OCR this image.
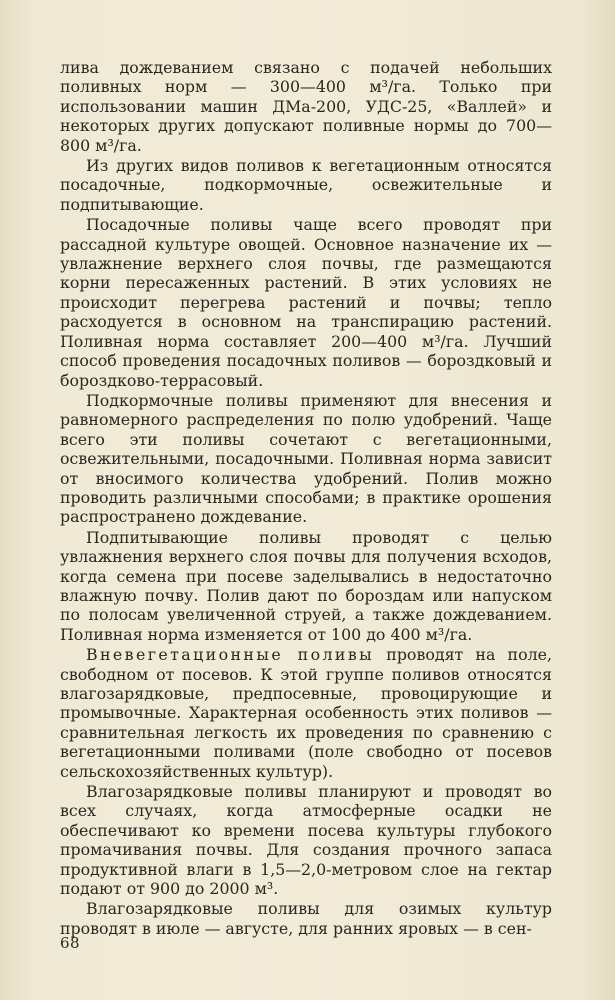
лива дождеванием связано с подачей небольших поливных норм — 300—400 м³/га. Только при использовании машин ДМа-200, УДС-25, «Валлей» и некоторых других допускают поливные нормы до 700—800 м³/га.

Из других видов поливов к вегетационным относятся посадочные, подкормочные, освежительные и подпитывающие.

Посадочные поливы чаще всего проводят при рассадной культуре овощей. Основное назначение их — увлажнение верхнего слоя почвы, где размещаются корни пересаженных растений. В этих условиях не происходит перегрева растений и почвы; тепло расходуется в основном на транспирацию растений. Поливная норма составляет 200—400 м³/га. Лучший способ проведения посадочных поливов — бороздковый и бороздково-террасовый.

Подкормочные поливы применяют для внесения и равномерного распределения по полю удобрений. Чаще всего эти поливы сочетают с вегетационными, освежительными, посадочными. Поливная норма зависит от вносимого количества удобрений. Полив можно проводить различными способами; в практике орошения распространено дождевание.

Подпитывающие поливы проводят с целью увлажнения верхнего слоя почвы для получения всходов, когда семена при посеве заделывались в недостаточно влажную почву. Полив дают по бороздам или напуском по полосам увеличенной струей, а также дождеванием. Поливная норма изменяется от 100 до 400 м³/га.

Вневегетационные поливы проводят на поле, свободном от посевов. К этой группе поливов относятся влагозарядковые, предпосевные, провоцирующие и промывочные. Характерная особенность этих поливов — сравнительная легкость их проведения по сравнению с вегетационными поливами (поле свободно от посевов сельскохозяйственных культур).

Влагозарядковые поливы планируют и проводят во всех случаях, когда атмосферные осадки не обеспечивают ко времени посева культуры глубокого промачивания почвы. Для создания прочного запаса продуктивной влаги в 1,5—2,0-метровом слое на гектар подают от 900 до 2000 м³.

Влагозарядковые поливы для озимых культур проводят в июле — августе, для ранних яровых — в сен-

68
